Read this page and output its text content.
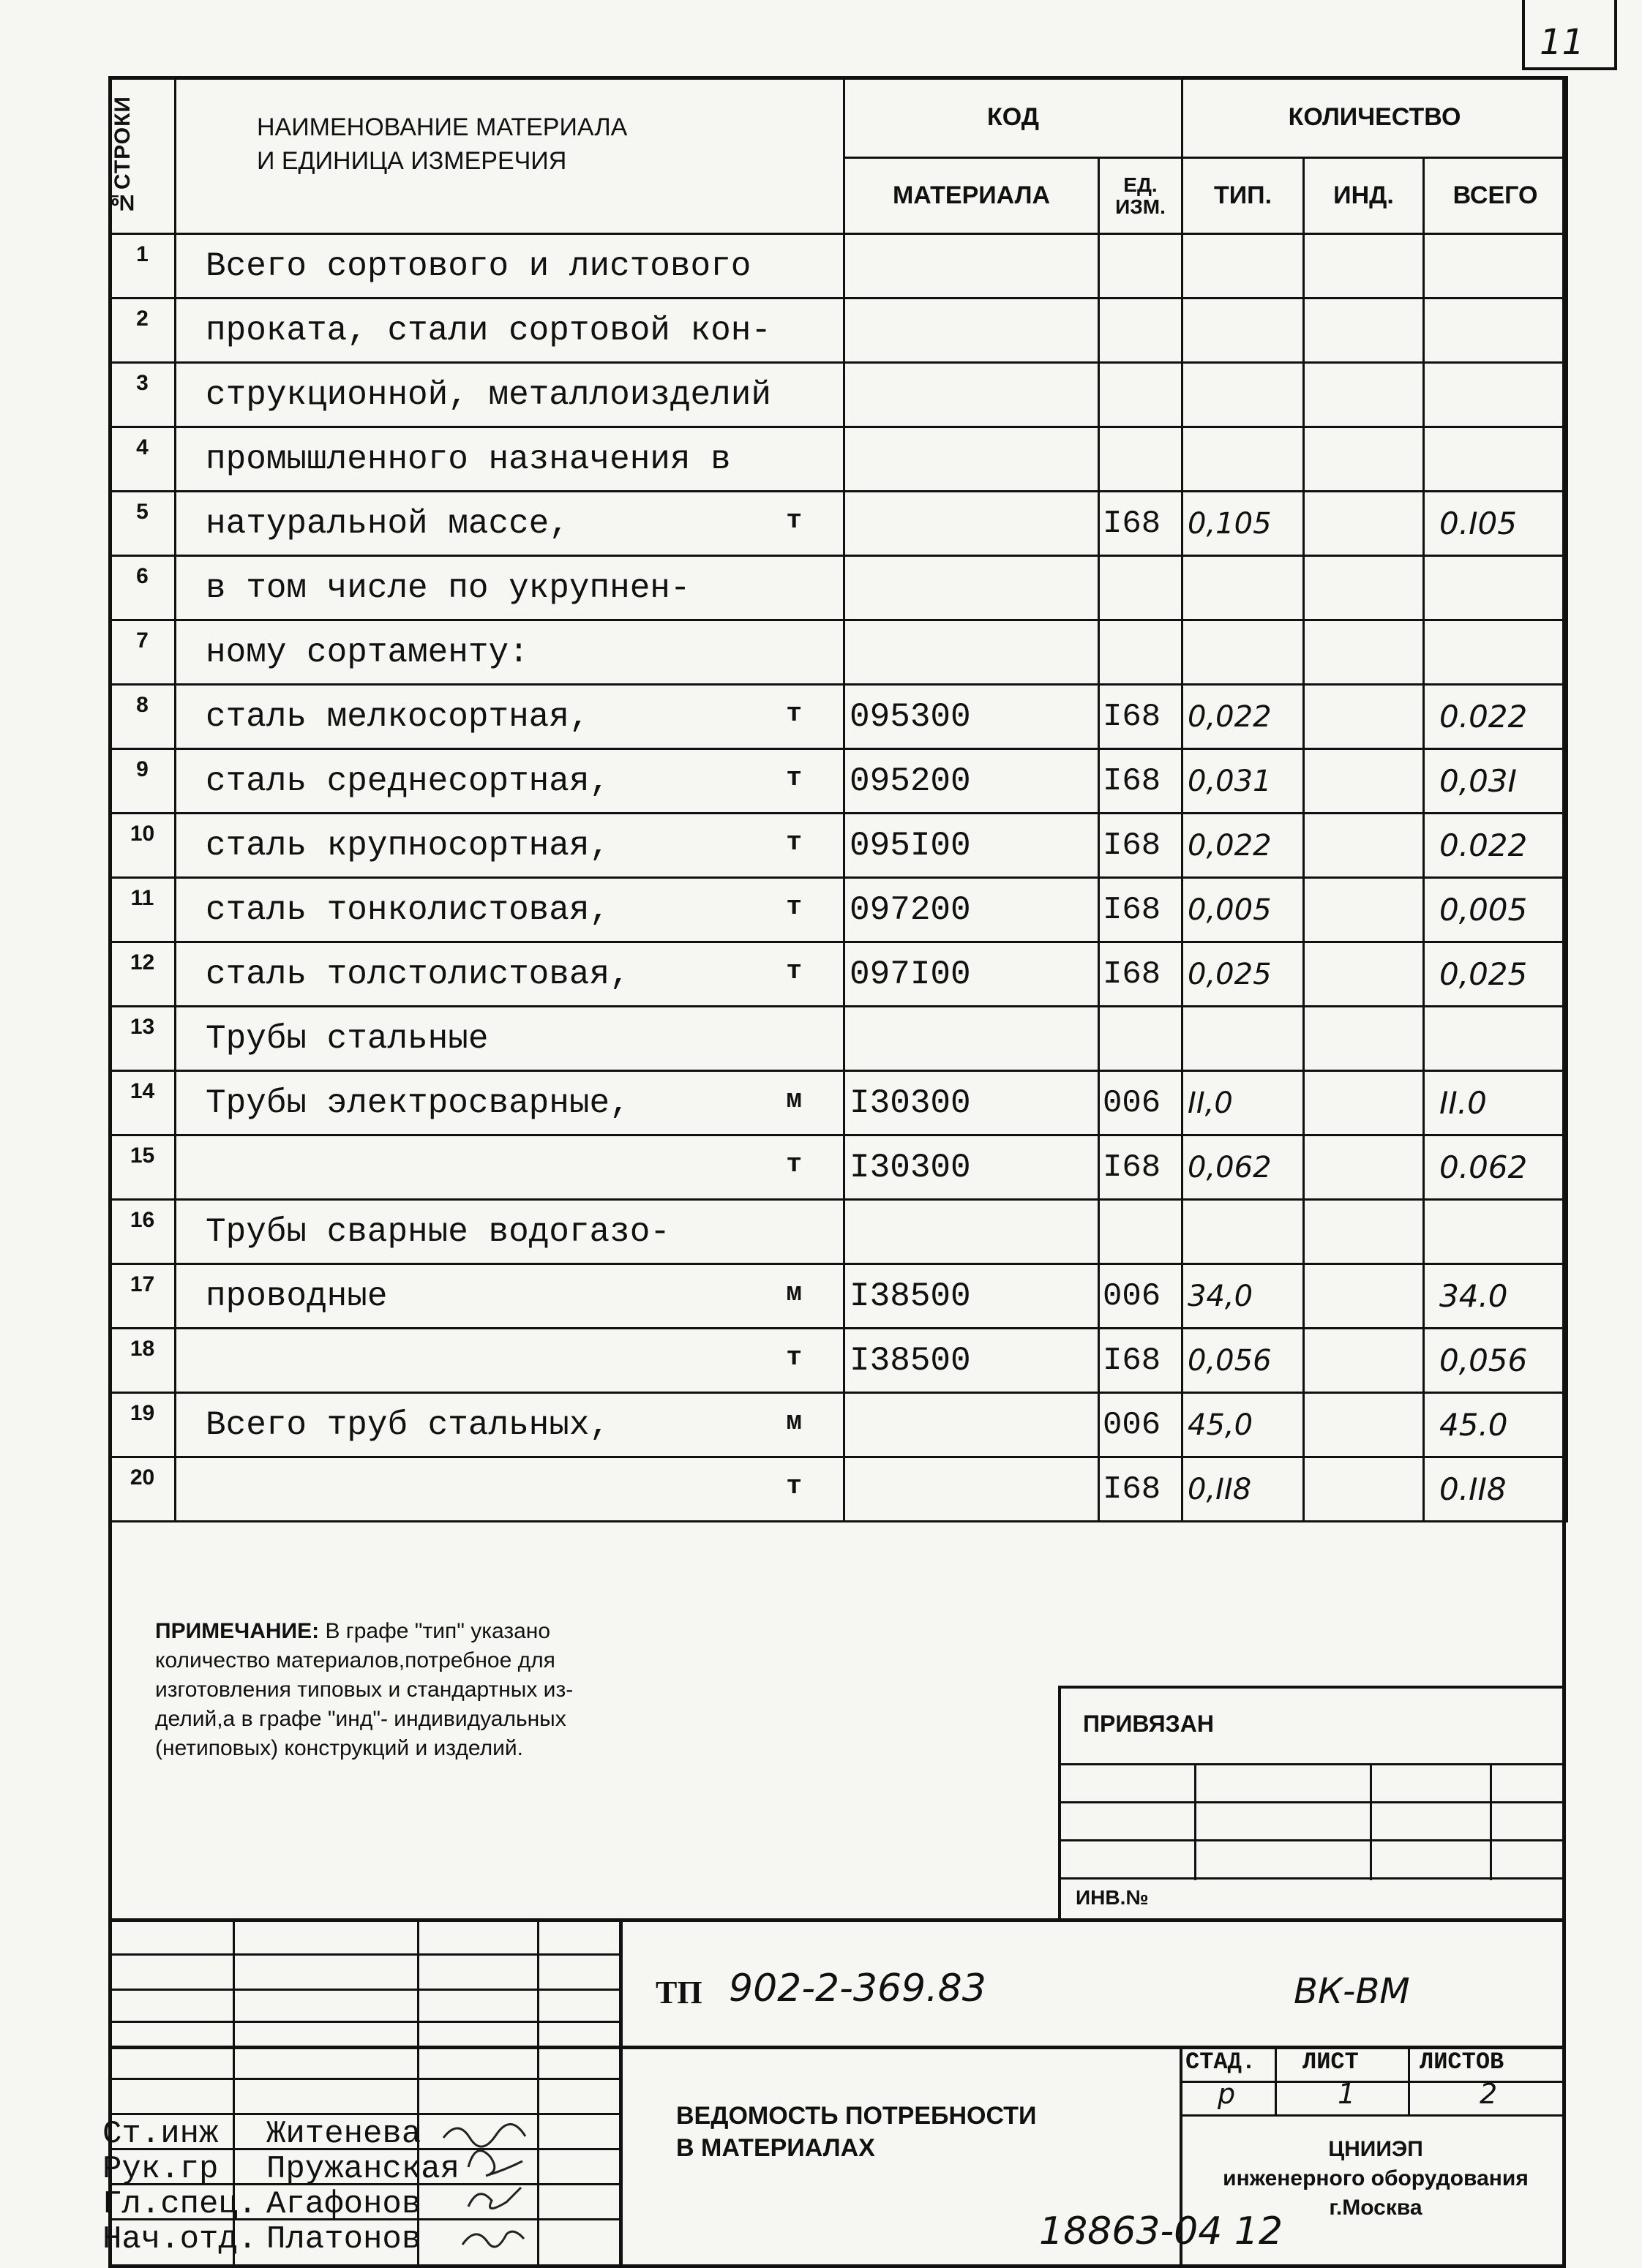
11
№СТРОКИ	НАИМЕНОВАНИЕ МАТЕРИАЛА
И ЕДИНИЦА ИЗМЕРЕЧИЯ	КОД		КОЛИЧЕСТВО		
		МАТЕРИАЛА	ЕД. ИЗМ.	ТИП.	ИНД.	ВСЕГО
1	Всего сортового и листового

2	проката, стали сортовой кон-

3	струкционной, металлоизделий

4	промышленного назначения в

5	натуральной массе, т		I68	0,105		0.I05
6	в том числе по укрупнен-

7	ному сортаменту:

8	сталь мелкосортная, т	095300	I68	0,022		0.022
9	сталь среднесортная, т	095200	I68	0,031		0,03I
10	сталь крупносортная, т	095I00	I68	0,022		0.022
11	сталь тонколистовая, т	097200	I68	0,005		0,005
12	сталь толстолистовая, т	097I00	I68	0,025		0,025
13	Трубы стальные

14	Трубы электросварные, м	I30300	006	II,0		II.0
15	т	I30300	I68	0,062		0.062
16	Трубы сварные водогазо-

17	проводные м	I38500	006	34,0		34.0
18	т	I38500	I68	0,056		0,056
19	Всего труб стальных, м		006	45,0		45.0
20	т		I68	0,II8		0.II8
ПРИМЕЧАНИЕ: В графе "тип" указано
количество материалов,потребное для
изготовления типовых и стандартных из-
делий,а в графе "инд"- индивидуальных
(нетиповых) конструкций и изделий.
ПРИВЯЗАН
ИНВ.№
ТП 902-2-369.83	ВК-ВМ
ВЕДОМОСТЬ ПОТРЕБНОСТИ
В МАТЕРИАЛАХ
СТАД. ЛИСТ	ЛИСТОВ
р	1	2
ЦНИИЭП
инженерного оборудования
г.Москва
Ст.инж Житенева
Рук.гр Пружанская
Гл.спец. Агафонов
Нач.отд. Платонов	18863-04 12
